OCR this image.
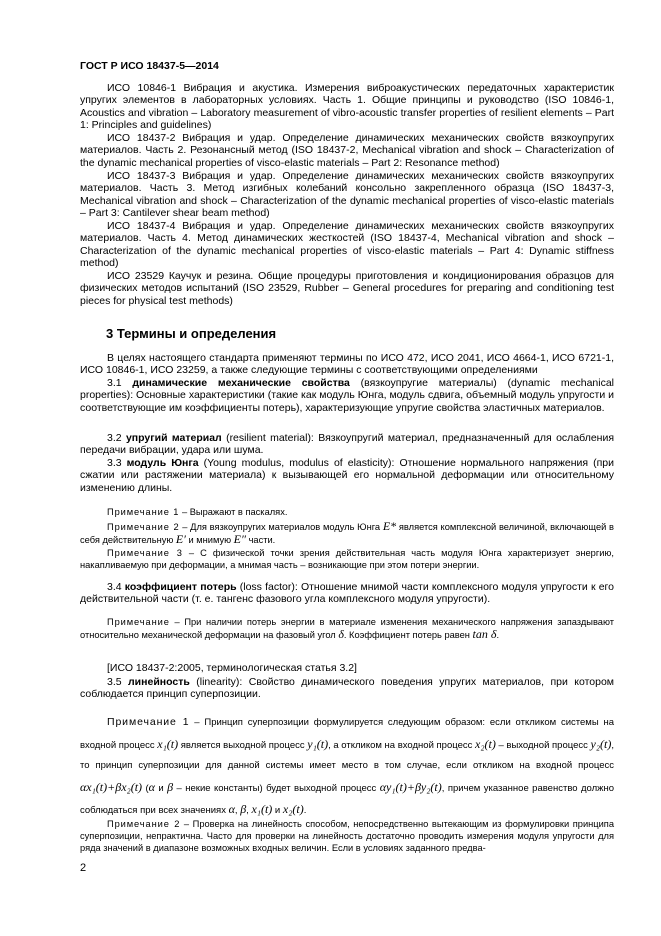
ГОСТ Р ИСО 18437-5—2014
ИСО 10846-1 Вибрация и акустика. Измерения виброакустических передаточных характеристик упругих элементов в лабораторных условиях. Часть 1. Общие принципы и руководство (ISO 10846-1, Acoustics and vibration – Laboratory measurement of vibro-acoustic transfer properties of resilient elements – Part 1: Principles and guidelines)
ИСО 18437-2 Вибрация и удар. Определение динамических механических свойств вязкоупругих материалов. Часть 2. Резонансный метод (ISO 18437-2, Mechanical vibration and shock – Characterization of the dynamic mechanical properties of visco-elastic materials – Part 2: Resonance method)
ИСО 18437-3 Вибрация и удар. Определение динамических механических свойств вязкоупругих материалов. Часть 3. Метод изгибных колебаний консольно закрепленного образца (ISO 18437-3, Mechanical vibration and shock – Characterization of the dynamic mechanical properties of visco-elastic materials – Part 3: Cantilever shear beam method)
ИСО 18437-4 Вибрация и удар. Определение динамических механических свойств вязкоупругих материалов. Часть 4. Метод динамических жесткостей (ISO 18437-4, Mechanical vibration and shock – Characterization of the dynamic mechanical properties of visco-elastic materials – Part 4: Dynamic stiffness method)
ИСО 23529 Каучук и резина. Общие процедуры приготовления и кондиционирования образцов для физических методов испытаний (ISO 23529, Rubber – General procedures for preparing and conditioning test pieces for physical test methods)
3 Термины и определения
В целях настоящего стандарта применяют термины по ИСО 472, ИСО 2041, ИСО 4664-1, ИСО 6721-1, ИСО 10846-1, ИСО 23259, а также следующие термины с соответствующими определениями
3.1 динамические механические свойства (вязкоупругие материалы) (dynamic mechanical properties): Основные характеристики (такие как модуль Юнга, модуль сдвига, объемный модуль упругости и соответствующие им коэффициенты потерь), характеризующие упругие свойства эластичных материалов.
3.2 упругий материал (resilient material): Вязкоупругий материал, предназначенный для ослабления передачи вибрации, удара или шума.
3.3 модуль Юнга (Young modulus, modulus of elasticity): Отношение нормального напряжения (при сжатии или растяжении материала) к вызывающей его нормальной деформации или относительному изменению длины.
Примечание 1 – Выражают в паскалях.
Примечание 2 – Для вязкоупругих материалов модуль Юнга E* является комплексной величиной, включающей в себя действительную E′ и мнимую E″ части.
Примечание 3 – С физической точки зрения действительная часть модуля Юнга характеризует энергию, накапливаемую при деформации, а мнимая часть – возникающие при этом потери энергии.
3.4 коэффициент потерь (loss factor): Отношение мнимой части комплексного модуля упругости к его действительной части (т. е. тангенс фазового угла комплексного модуля упругости).
Примечание – При наличии потерь энергии в материале изменения механического напряжения запаздывают относительно механической деформации на фазовый угол δ. Коэффициент потерь равен tan δ.
[ИСО 18437-2:2005, терминологическая статья 3.2]
3.5 линейность (linearity): Свойство динамического поведения упругих материалов, при котором соблюдается принцип суперпозиции.
Примечание 1 – Принцип суперпозиции формулируется следующим образом: если откликом системы на входной процесс x₁(t) является выходной процесс y₁(t), а откликом на входной процесс x₂(t) – выходной процесс y₂(t), то принцип суперпозиции для данной системы имеет место в том случае, если откликом на входной процесс αx₁(t)+βx₂(t) (α и β – некие константы) будет выходной процесс αy₁(t)+βy₂(t), причем указанное равенство должно соблюдаться при всех значениях α, β, x₁(t) и x₂(t).
Примечание 2 – Проверка на линейность способом, непосредственно вытекающим из формулировки принципа суперпозиции, непрактична. Часто для проверки на линейность достаточно проводить измерения модуля упругости для ряда значений в диапазоне возможных входных величин. Если в условиях заданного предва-
2
